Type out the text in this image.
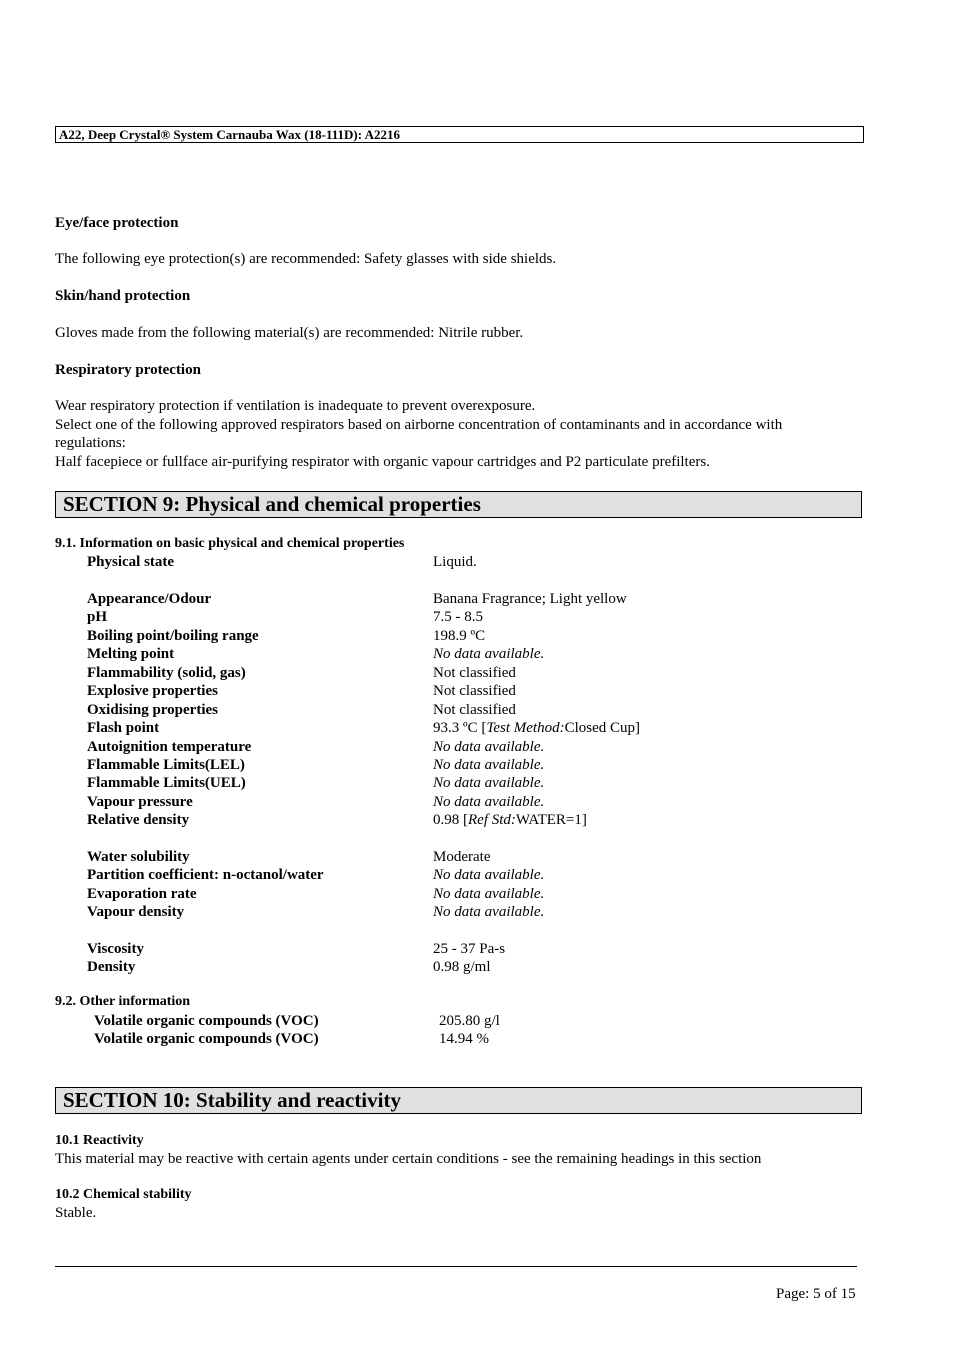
A22, Deep Crystal® System Carnauba Wax (18-111D): A2216
Eye/face protection
The following eye protection(s) are recommended: Safety glasses with side shields.
Skin/hand protection
Gloves made from the following material(s) are recommended: Nitrile rubber.
Respiratory protection
Wear respiratory protection if ventilation is inadequate to prevent overexposure.
Select one of the following approved respirators based on airborne concentration of contaminants and in accordance with
regulations:
Half facepiece or fullface air-purifying respirator with organic vapour cartridges and P2 particulate prefilters.
SECTION 9: Physical and chemical properties
9.1. Information on basic physical and chemical properties
Physical state	Liquid.
Appearance/Odour	Banana Fragrance; Light yellow
pH	7.5 - 8.5
Boiling point/boiling range	198.9 ºC
Melting point	No data available.
Flammability (solid, gas)	Not classified
Explosive properties	Not classified
Oxidising properties	Not classified
Flash point	93.3 ºC [Test Method:Closed Cup]
Autoignition temperature	No data available.
Flammable Limits(LEL)	No data available.
Flammable Limits(UEL)	No data available.
Vapour pressure	No data available.
Relative density	0.98 [Ref Std:WATER=1]
Water solubility	Moderate
Partition coefficient: n-octanol/water	No data available.
Evaporation rate	No data available.
Vapour density	No data available.
Viscosity	25 - 37 Pa-s
Density	0.98 g/ml
9.2. Other information
Volatile organic compounds (VOC)	205.80 g/l
Volatile organic compounds (VOC)	14.94 %
SECTION 10: Stability and reactivity
10.1 Reactivity
This material may be reactive with certain agents under certain conditions - see the remaining headings in this section
10.2 Chemical stability
Stable.
Page: 5 of 15
